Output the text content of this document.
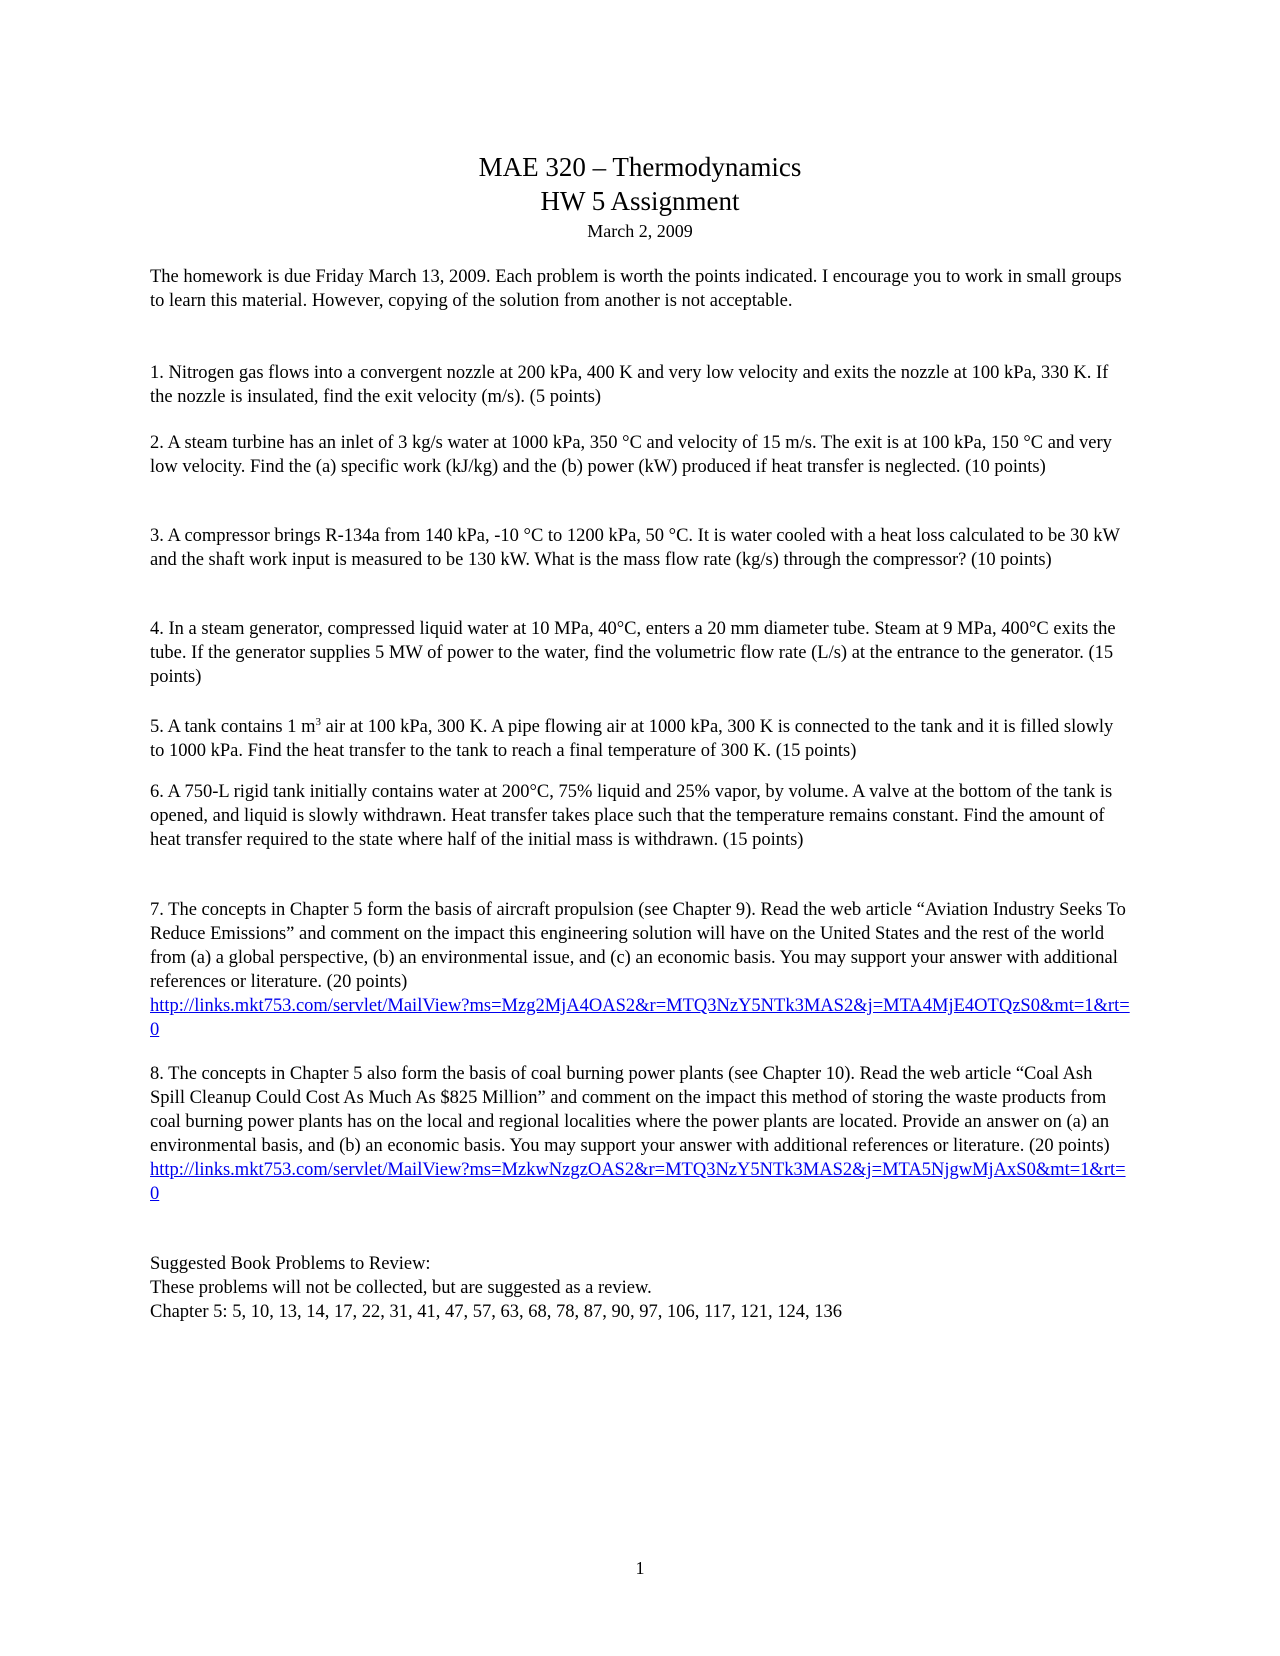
MAE 320 – Thermodynamics
HW 5 Assignment
March 2, 2009

The homework is due Friday March 13, 2009. Each problem is worth the points indicated. I encourage you to work in small groups to learn this material. However, copying of the solution from another is not acceptable.

1. Nitrogen gas flows into a convergent nozzle at 200 kPa, 400 K and very low velocity and exits the nozzle at 100 kPa, 330 K. If the nozzle is insulated, find the exit velocity (m/s). (5 points)

2. A steam turbine has an inlet of 3 kg/s water at 1000 kPa, 350 °C and velocity of 15 m/s. The exit is at 100 kPa, 150 °C and very low velocity. Find the (a) specific work (kJ/kg) and the (b) power (kW) produced if heat transfer is neglected. (10 points)

3. A compressor brings R-134a from 140 kPa, -10 °C to 1200 kPa, 50 °C. It is water cooled with a heat loss calculated to be 30 kW and the shaft work input is measured to be 130 kW. What is the mass flow rate (kg/s) through the compressor? (10 points)

4. In a steam generator, compressed liquid water at 10 MPa, 40°C, enters a 20 mm diameter tube. Steam at 9 MPa, 400°C exits the tube. If the generator supplies 5 MW of power to the water, find the volumetric flow rate (L/s) at the entrance to the generator. (15 points)

5. A tank contains 1 $m^3$ air at 100 kPa, 300 K. A pipe flowing air at 1000 kPa, 300 K is connected to the tank and it is filled slowly to 1000 kPa. Find the heat transfer to the tank to reach a final temperature of 300 K. (15 points)

6. A 750-L rigid tank initially contains water at 200°C, 75% liquid and 25% vapor, by volume. A valve at the bottom of the tank is opened, and liquid is slowly withdrawn. Heat transfer takes place such that the temperature remains constant. Find the amount of heat transfer required to the state where half of the initial mass is withdrawn. (15 points)

7. The concepts in Chapter 5 form the basis of aircraft propulsion (see Chapter 9). Read the web article “Aviation Industry Seeks To Reduce Emissions” and comment on the impact this engineering solution will have on the United States and the rest of the world from (a) a global perspective, (b) an environmental issue, and (c) an economic basis. You may support your answer with additional references or literature. (20 points)

http://links.mkt753.com/servlet/MailView?ms=Mzg2MjA4OAS2&r=MTQ3NzY5NTk3MAS2&j=MTA4MjE4OTQzS0&mt=1&rt=0

8. The concepts in Chapter 5 also form the basis of coal burning power plants (see Chapter 10). Read the web article “Coal Ash Spill Cleanup Could Cost As Much As $825 Million” and comment on the impact this method of storing the waste products from coal burning power plants has on the local and regional localities where the power plants are located. Provide an answer on (a) an environmental basis, and (b) an economic basis. You may support your answer with additional references or literature. (20 points)

http://links.mkt753.com/servlet/MailView?ms=MzkwNzgzOAS2&r=MTQ3NzY5NTk3MAS2&j=MTA5NjgwMjAxS0&mt=1&rt=0

Suggested Book Problems to Review:

These problems will not be collected, but are suggested as a review.

Chapter 5: 5, 10, 13, 14, 17, 22, 31, 41, 47, 57, 63, 68, 78, 87, 90, 97, 106, 117, 121, 124, 136

1
